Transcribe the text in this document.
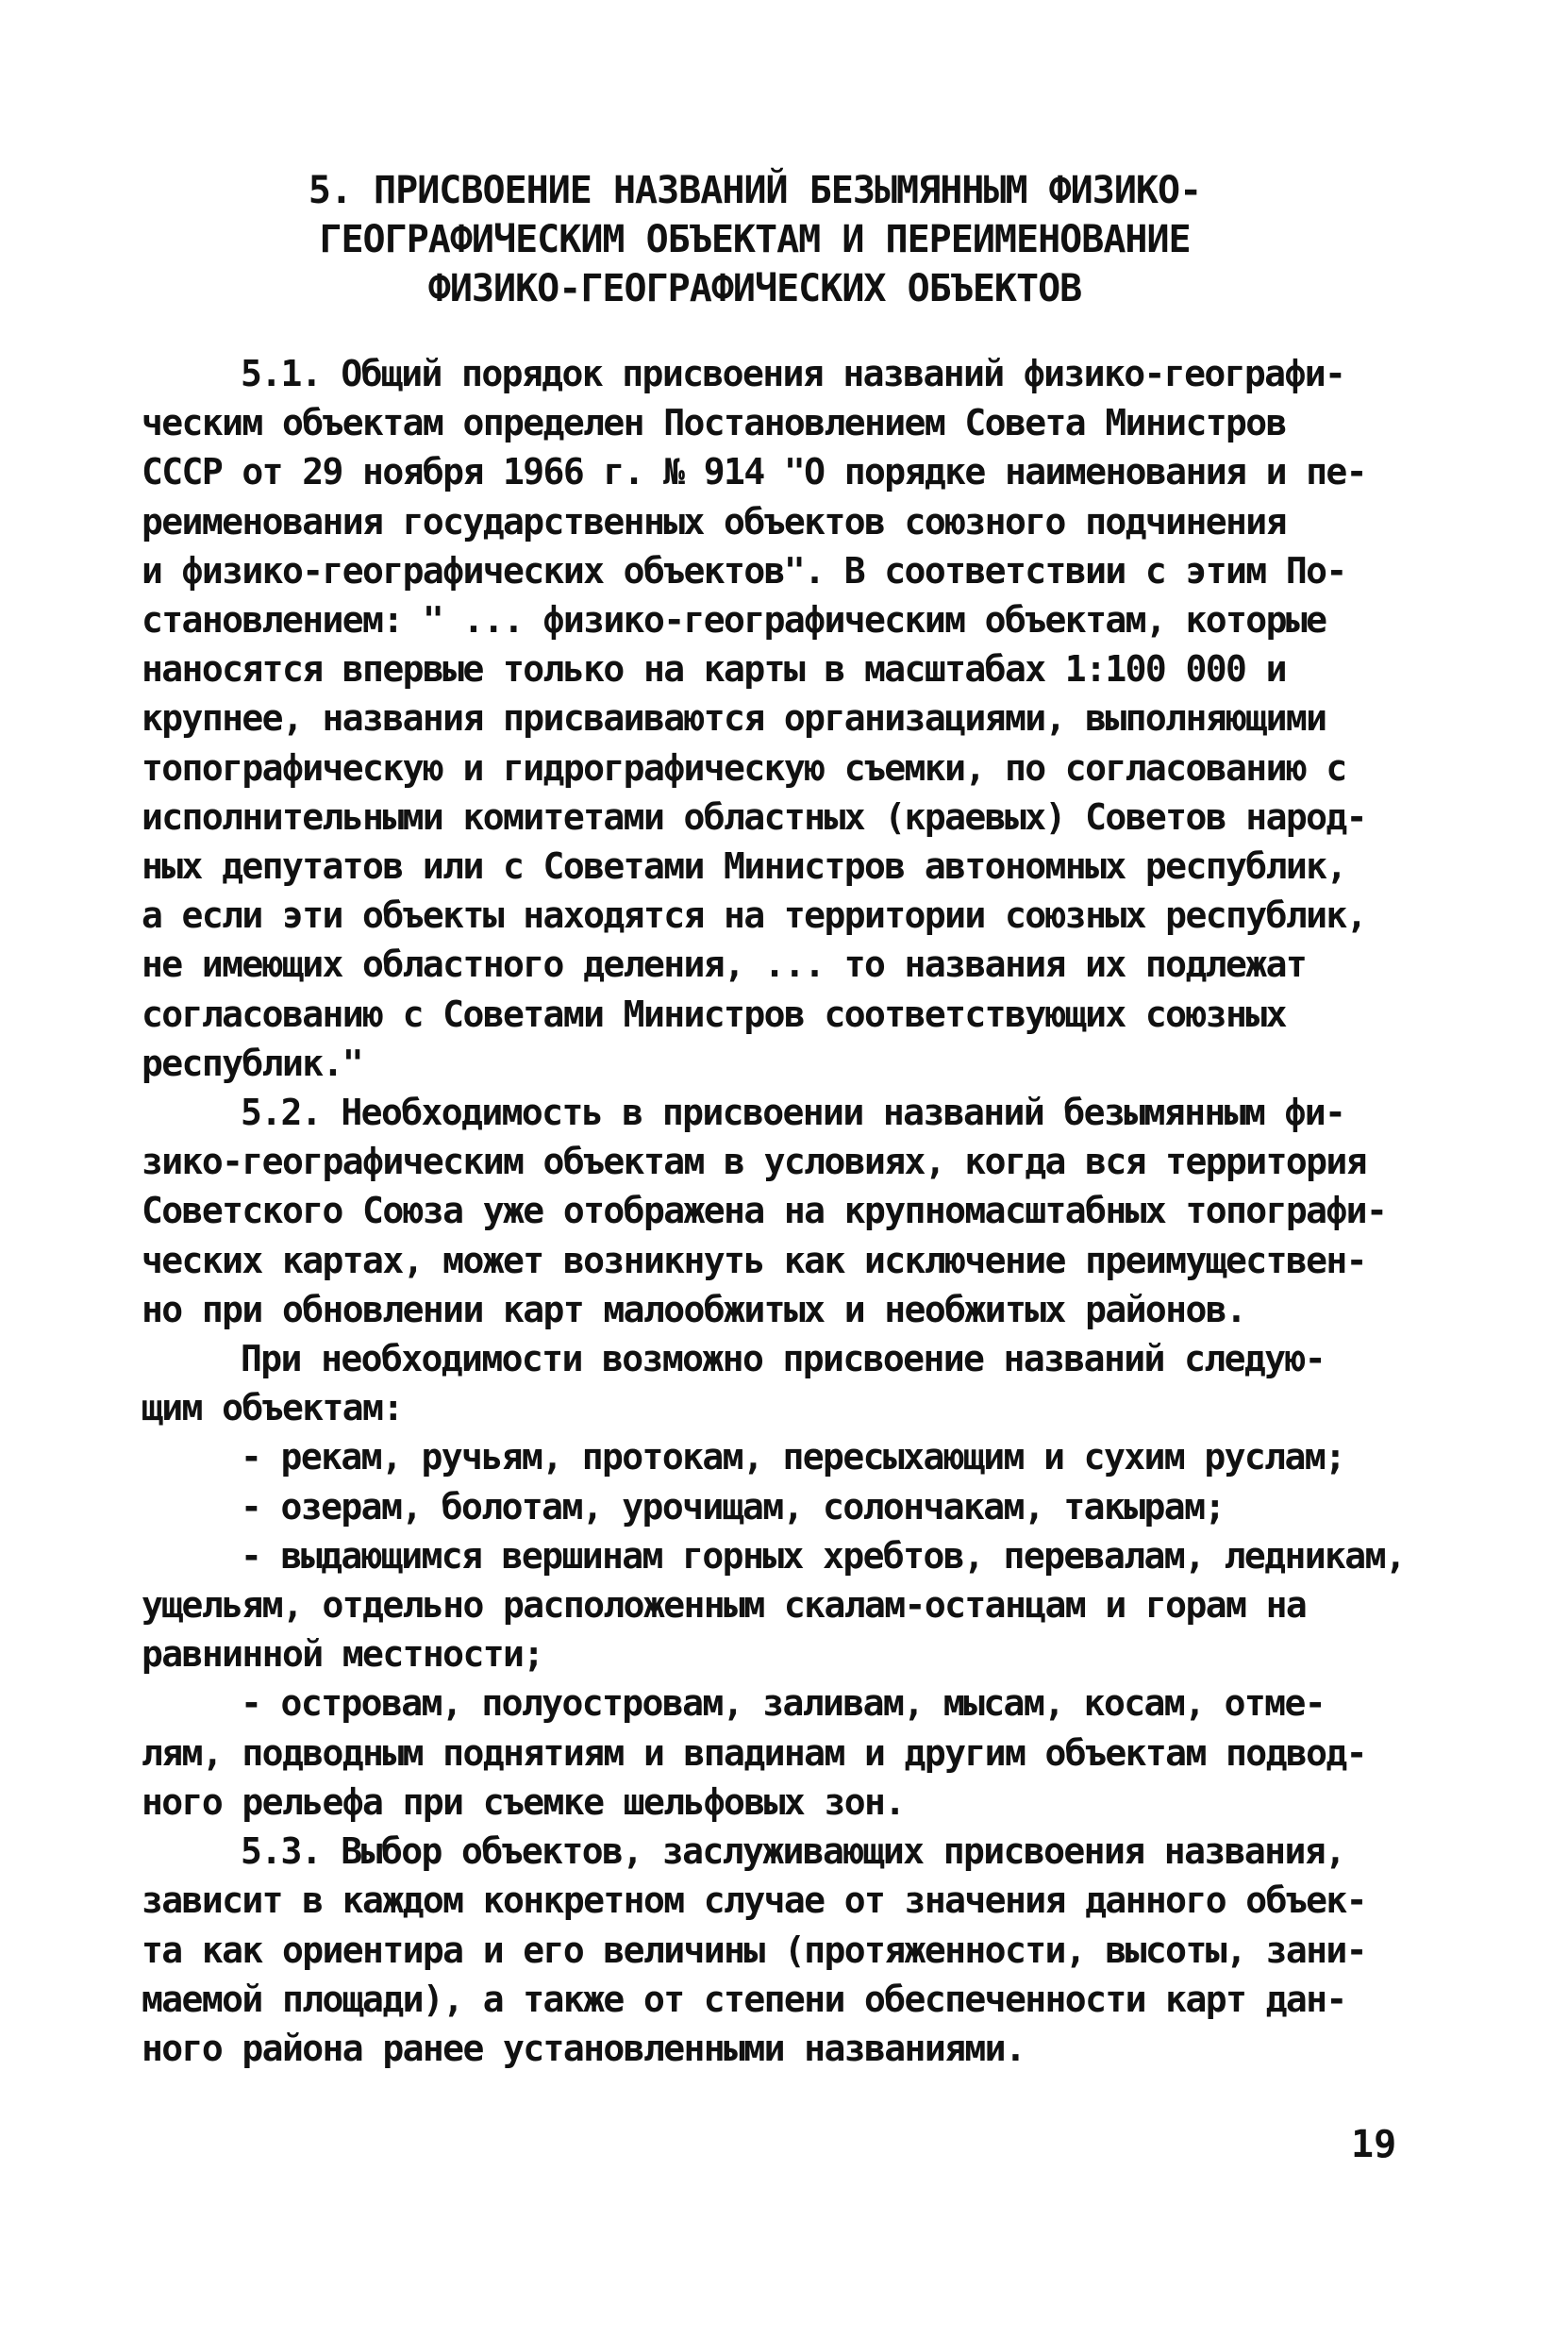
5. ПРИСВОЕНИЕ НАЗВАНИЙ БЕЗЫМЯННЫМ ФИЗИКО-
ГЕОГРАФИЧЕСКИМ ОБЪЕКТАМ И ПЕРЕИМЕНОВАНИЕ
ФИЗИКО-ГЕОГРАФИЧЕСКИХ ОБЪЕКТОВ
5.1. Общий порядок присвоения названий физико-географи-
ческим объектам определен Постановлением Совета Министров
СССР от 29 ноября 1966 г. № 914 "О порядке наименования и пе-
реименования государственных объектов союзного подчинения
и физико-географических объектов". В соответствии с этим По-
становлением: " ... физико-географическим объектам, которые
наносятся впервые только на карты в масштабах 1:100 000 и
крупнее, названия присваиваются организациями, выполняющими
топографическую и гидрографическую съемки, по согласованию с
исполнительными комитетами областных (краевых) Советов народ-
ных депутатов или с Советами Министров автономных республик,
а если эти объекты находятся на территории союзных республик,
не имеющих областного деления, ... то названия их подлежат
согласованию с Советами Министров соответствующих союзных
республик."
5.2. Необходимость в присвоении названий безымянным фи-
зико-географическим объектам в условиях, когда вся территория
Советского Союза уже отображена на крупномасштабных топографи-
ческих картах, может возникнуть как исключение преимуществен-
но при обновлении карт малообжитых и необжитых районов.
При необходимости возможно присвоение названий следую-
щим объектам:
- рекам, ручьям, протокам, пересыхающим и сухим руслам;
- озерам, болотам, урочищам, солончакам, такырам;
- выдающимся вершинам горных хребтов, перевалам, ледникам,
ущельям, отдельно расположенным скалам-останцам и горам на
равнинной местности;
- островам, полуостровам, заливам, мысам, косам, отме-
лям, подводным поднятиям и впадинам и другим объектам подвод-
ного рельефа при съемке шельфовых зон.
5.3. Выбор объектов, заслуживающих присвоения названия,
зависит в каждом конкретном случае от значения данного объек-
та как ориентира и его величины (протяженности, высоты, зани-
маемой площади), а также от степени обеспеченности карт дан-
ного района ранее установленными названиями.
19
